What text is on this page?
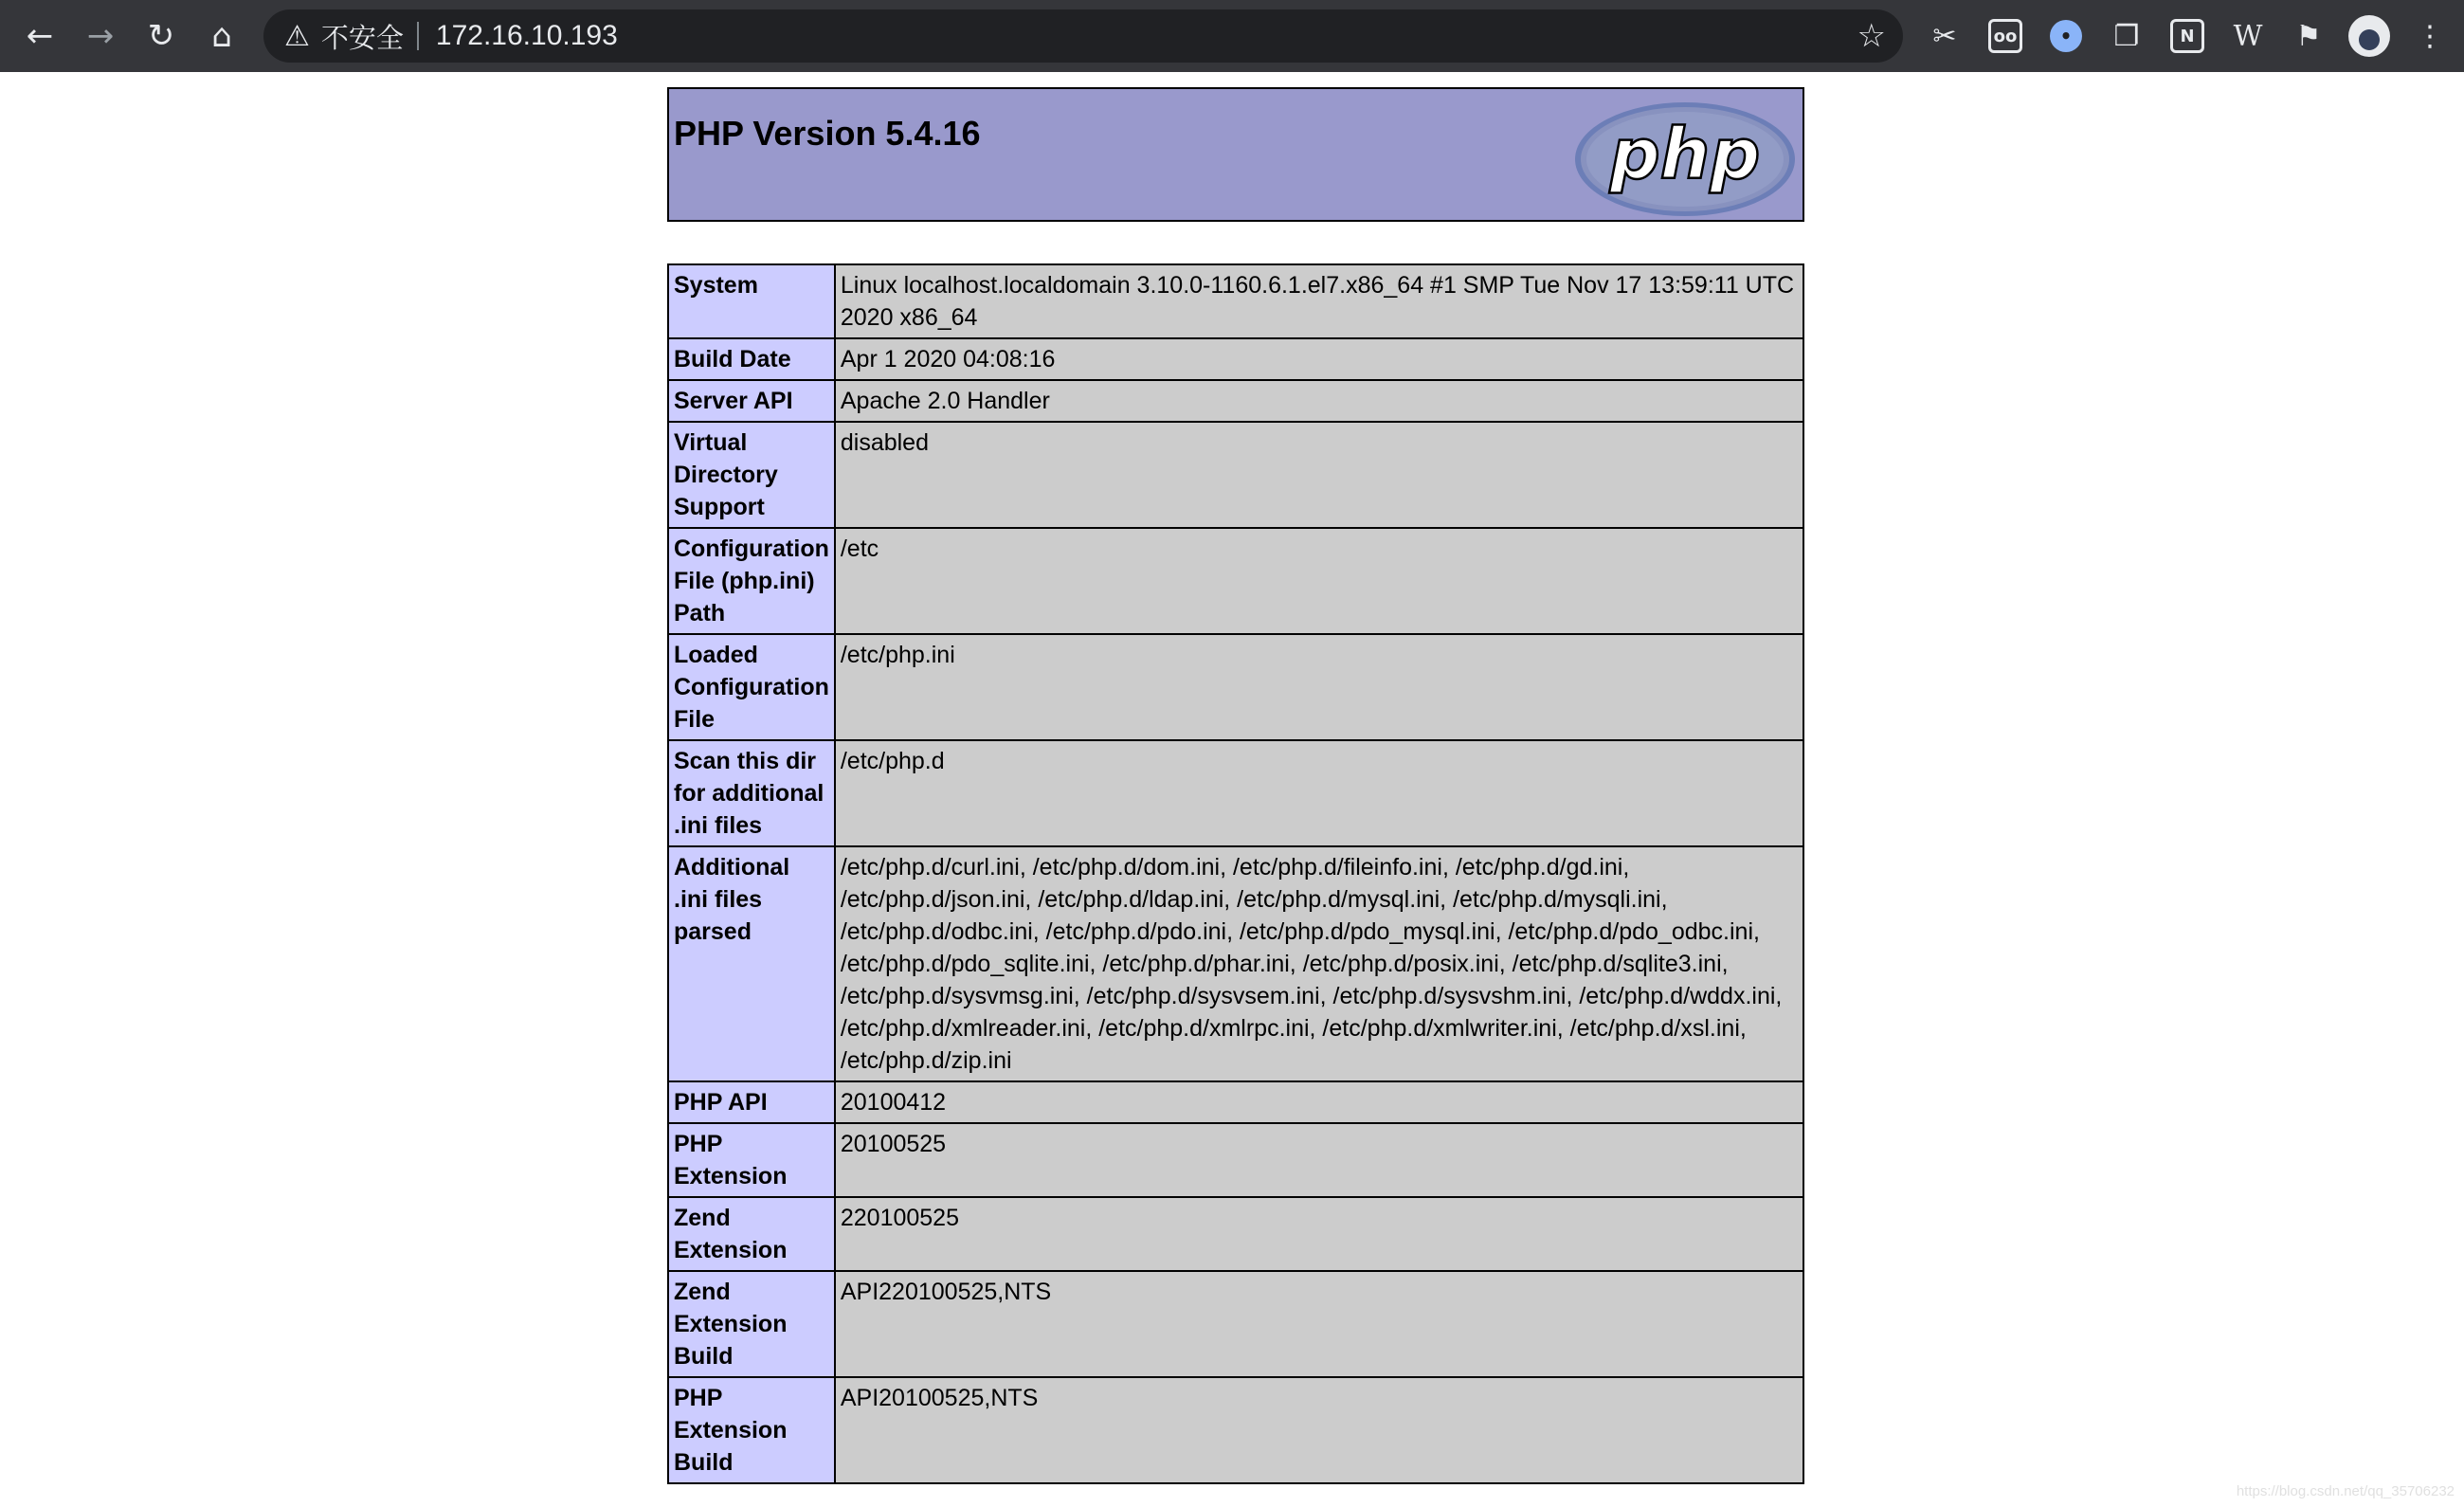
←	→	↻	⌂	⚠ 不安全 172.16.10.193	☆	✂	oo	•	❐	N	W	⚑	⋮
PHP Version 5.4.16	php
System	Linux localhost.localdomain 3.10.0-1160.6.1.el7.x86_64 #1 SMP Tue Nov 17 13:59:11 UTC 2020 x86_64
Build Date	Apr 1 2020 04:08:16
Server API	Apache 2.0 Handler
Virtual Directory Support	disabled
Configuration File (php.ini) Path	/etc
Loaded Configuration File	/etc/php.ini
Scan this dir for additional .ini files	/etc/php.d
Additional .ini files parsed	/etc/php.d/curl.ini, /etc/php.d/dom.ini, /etc/php.d/fileinfo.ini, /etc/php.d/gd.ini, /etc/php.d/json.ini, /etc/php.d/ldap.ini, /etc/php.d/mysql.ini, /etc/php.d/mysqli.ini, /etc/php.d/odbc.ini, /etc/php.d/pdo.ini, /etc/php.d/pdo_mysql.ini, /etc/php.d/pdo_odbc.ini, /etc/php.d/pdo_sqlite.ini, /etc/php.d/phar.ini, /etc/php.d/posix.ini, /etc/php.d/sqlite3.ini, /etc/php.d/sysvmsg.ini, /etc/php.d/sysvsem.ini, /etc/php.d/sysvshm.ini, /etc/php.d/wddx.ini, /etc/php.d/xmlreader.ini, /etc/php.d/xmlrpc.ini, /etc/php.d/xmlwriter.ini, /etc/php.d/xsl.ini, /etc/php.d/zip.ini
PHP API	20100412
PHP Extension	20100525
Zend Extension	220100525
Zend Extension Build	API220100525,NTS
PHP Extension Build	API20100525,NTS
https://blog.csdn.net/qq_35706232
